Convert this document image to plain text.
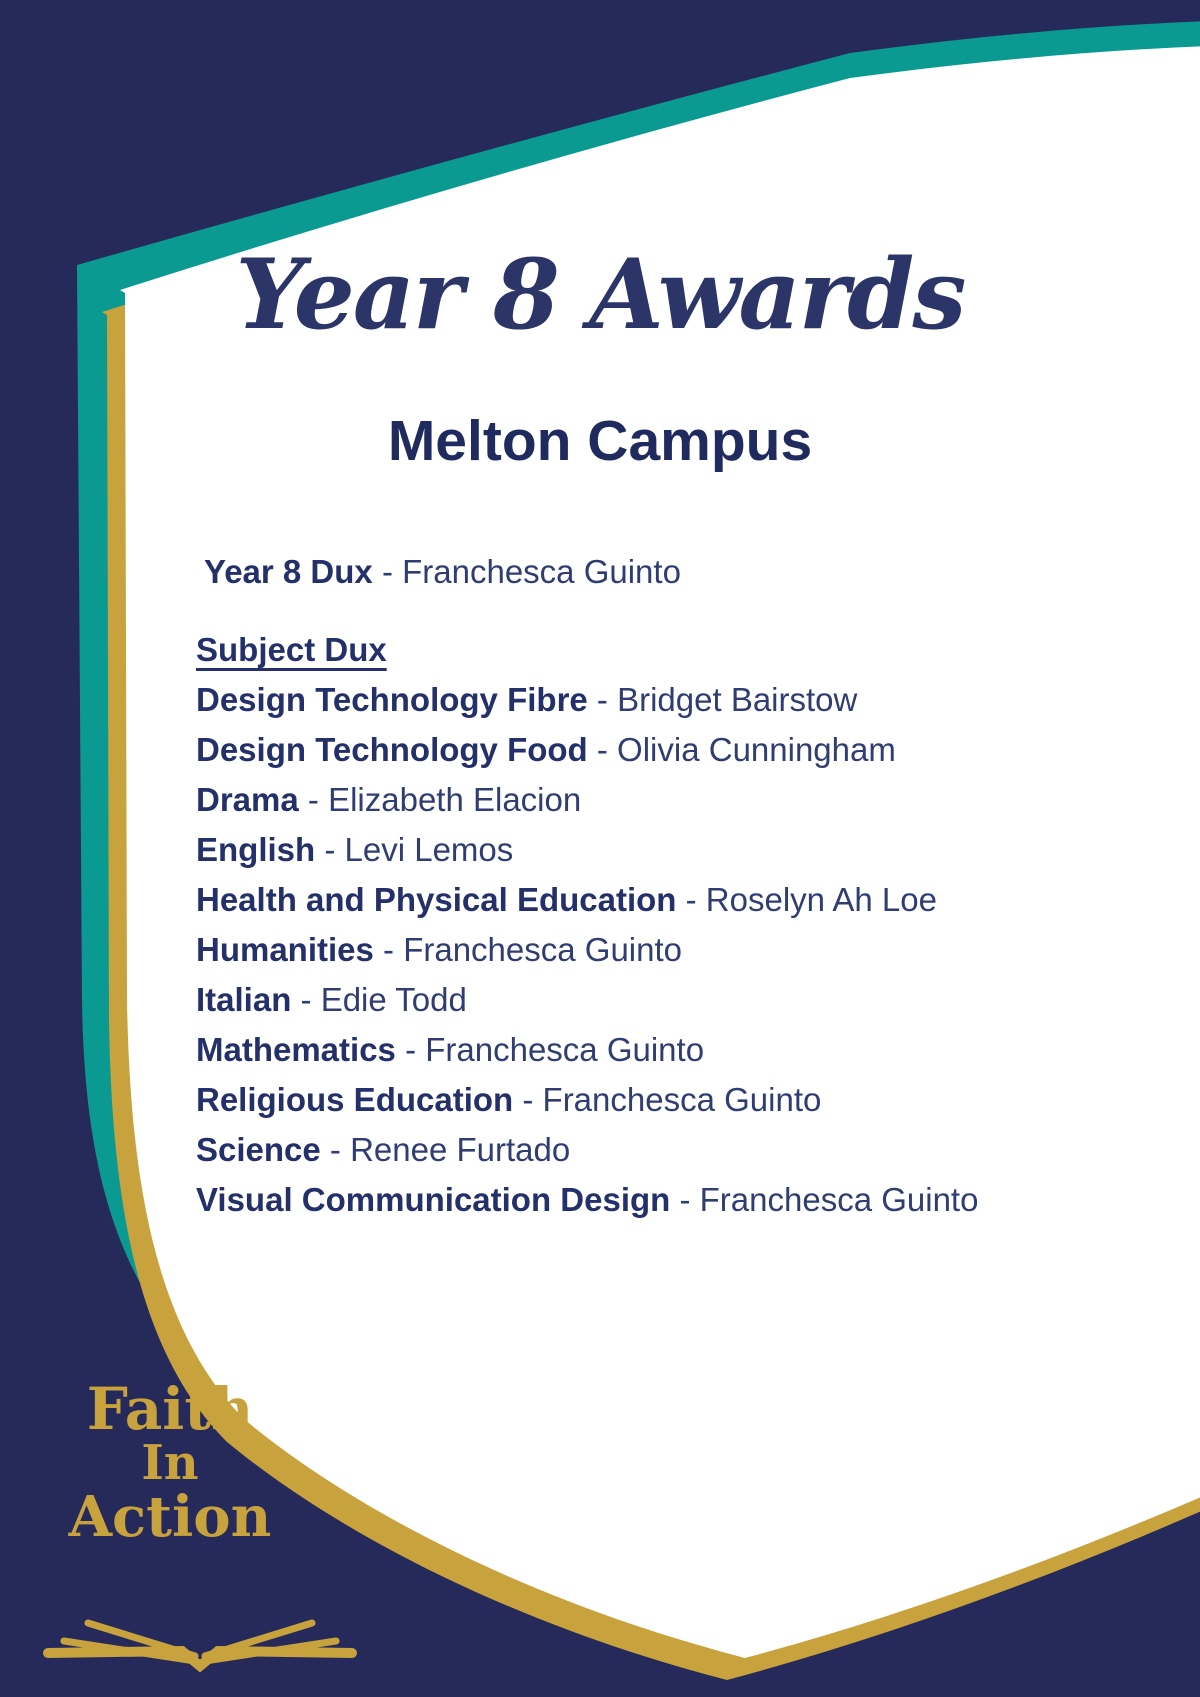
Year 8 Awards
Melton Campus
Year 8 Dux - Franchesca Guinto
Subject Dux
Design Technology Fibre - Bridget Bairstow
Design Technology Food - Olivia Cunningham
Drama - Elizabeth Elacion
English - Levi Lemos
Health and Physical Education - Roselyn Ah Loe
Humanities - Franchesca Guinto
Italian - Edie Todd
Mathematics - Franchesca Guinto
Religious Education - Franchesca Guinto
Science - Renee Furtado
Visual Communication Design - Franchesca Guinto
Faith
In
Action
